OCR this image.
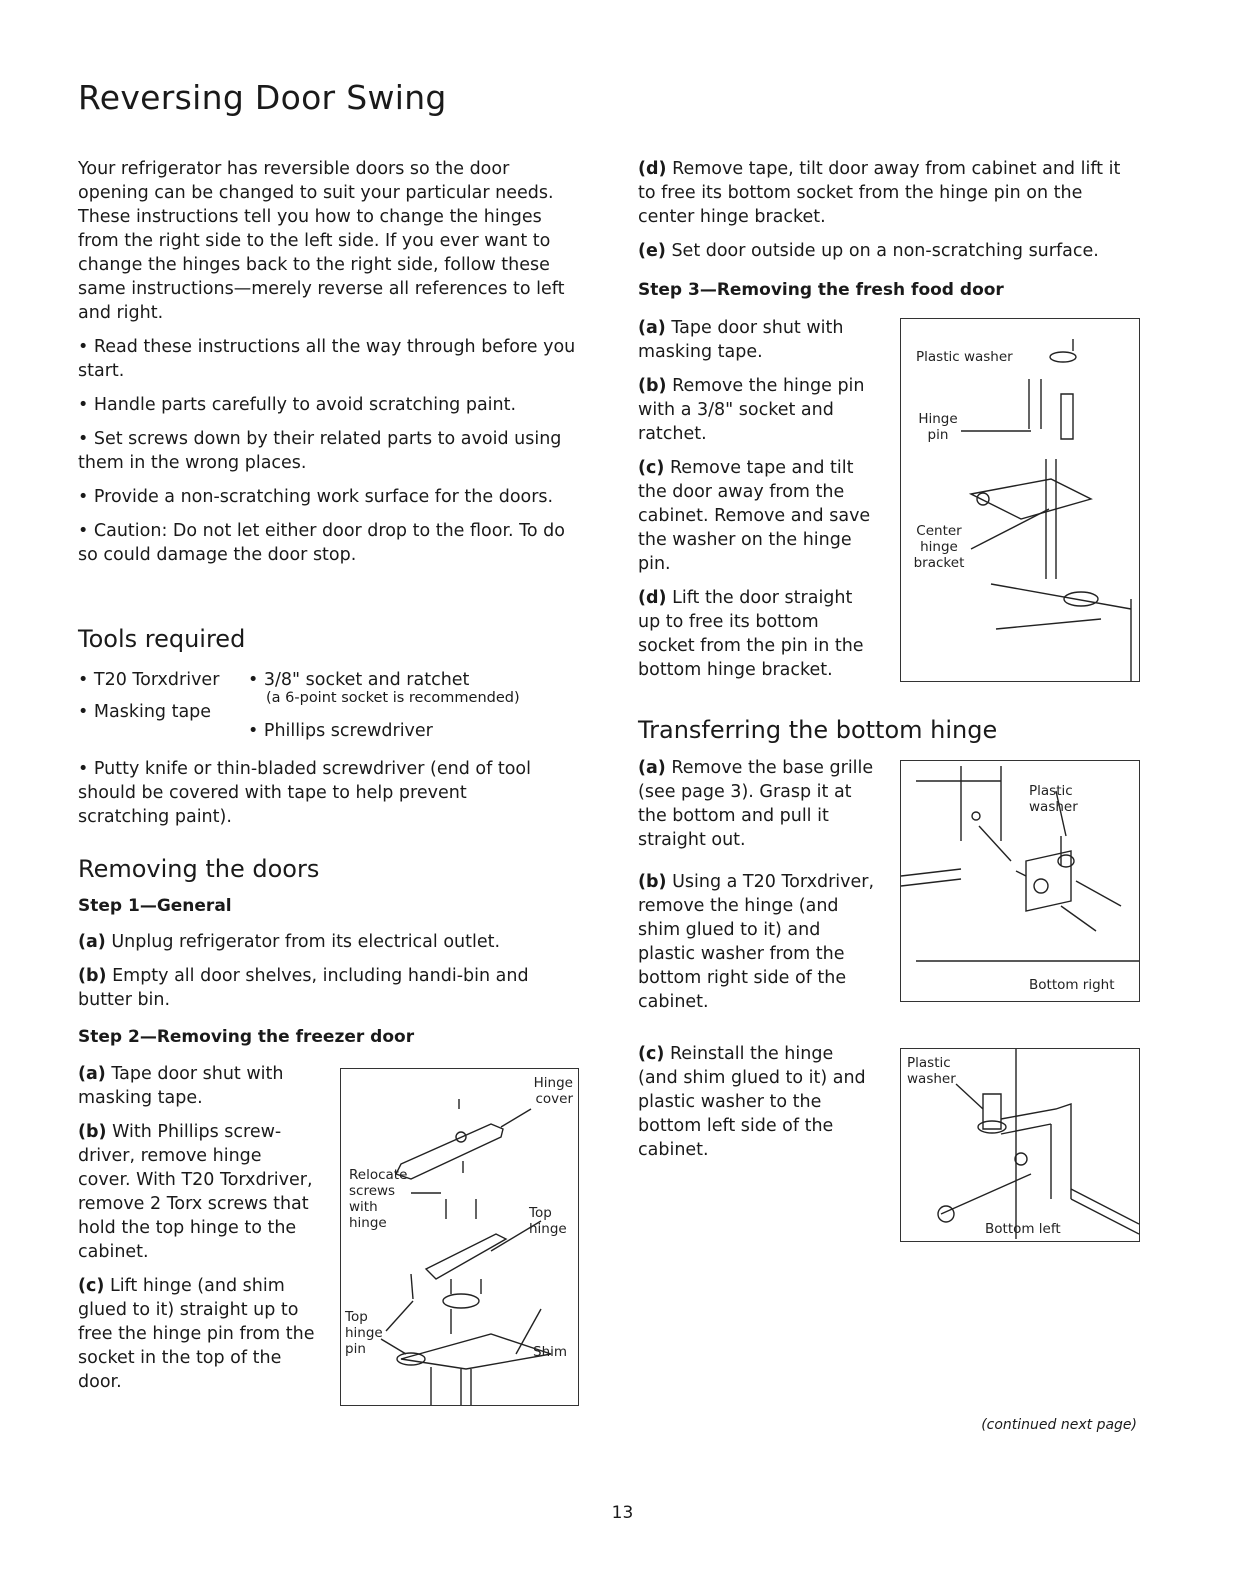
Reversing Door Swing

Your refrigerator has reversible doors so the door opening can be changed to suit your particular needs. These instructions tell you how to change the hinges from the right side to the left side. If you ever want to change the hinges back to the right side, follow these same instructions—merely reverse all references to left and right.

• Read these instructions all the way through before you start.

• Handle parts carefully to avoid scratching paint.

• Set screws down by their related parts to avoid using them in the wrong places.

• Provide a non-scratching work surface for the doors.

• Caution: Do not let either door drop to the floor. To do so could damage the door stop.

Tools required
• T20 Torxdriver • 3/8" socket and ratchet
(a 6-point socket is recommended)
• Masking tape
• Phillips screwdriver
• Putty knife or thin-bladed screwdriver (end of tool should be covered with tape to help prevent scratching paint).
Removing the doors
Step 1—General

(a) Unplug refrigerator from its electrical outlet.

(b) Empty all door shelves, including handi-bin and butter bin.

Step 2—Removing the freezer door

(a) Tape door shut with masking tape.

(b) With Phillips screw-driver, remove hinge cover. With T20 Torxdriver, remove 2 Torx screws that hold the top hinge to the cabinet.

(c) Lift hinge (and shim glued to it) straight up to free the hinge pin from the socket in the top of the door.

Hinge cover
Relocate screws with hinge
Top hinge
Top hinge pin	Shim

(d) Remove tape, tilt door away from cabinet and lift it to free its bottom socket from the hinge pin on the center hinge bracket.

(e) Set door outside up on a non-scratching surface.

Step 3—Removing the fresh food door

(a) Tape door shut with masking tape.

(b) Remove the hinge pin with a 3/8" socket and ratchet.

(c) Remove tape and tilt the door away from the cabinet. Remove and save the washer on the hinge pin.

(d) Lift the door straight up to free its bottom socket from the pin in the bottom hinge bracket.

Plastic washer
Hinge pin
Center hinge bracket
Transferring the bottom hinge

(a) Remove the base grille (see page 3). Grasp it at the bottom and pull it straight out.

(b) Using a T20 Torxdriver, remove the hinge (and shim glued to it) and plastic washer from the bottom right side of the cabinet.

(c) Reinstall the hinge (and shim glued to it) and plastic washer to the bottom left side of the cabinet.

Plastic washer
Bottom right
Plastic washer
Bottom left
(continued next page)
13
